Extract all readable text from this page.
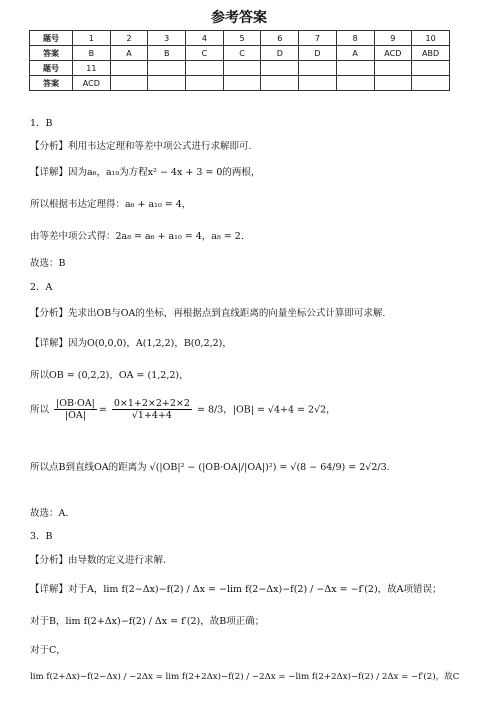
参考答案
题号	1	2	3	4	5	6	7	8	9	10
答案	B	A	B	C	C	D	D	A	ACD	ABD
题号	11									
答案	ACD									
1．B
【分析】利用韦达定理和等差中项公式进行求解即可.
【详解】因为a₆，a₁₀为方程x² − 4x + 3 = 0的两根，
所以根据韦达定理得：a₆ + a₁₀ = 4，
由等差中项公式得：2a₈ = a₆ + a₁₀ = 4，a₈ = 2.
故选：B
2．A
【分析】先求出OB与OA的坐标，再根据点到直线距离的向量坐标公式计算即可求解.
【详解】因为O(0,0,0)，A(1,2,2)，B(0,2,2)，
所以OB = (0,2,2)，OA = (1,2,2)，
所以 $\frac{|OB\cdot OA|}{|OA|} = \frac{0\times 1+2\times 2+2\times 2}{√1+4+4} = 8/3$，|OB| = √4+4 = 2√2，
所以点B到直线OA的距离为 √(|OB|² − (|OB·OA|/|OA|)²) = √(8 − 64/9) = 2√2/3.
故选：A.
3．B
【分析】由导数的定义进行求解.
【详解】对于A，lim f(2−Δx)−f(2) / Δx = −lim f(2−Δx)−f(2) / −Δx = −f′(2)，故A项错误；
对于B，lim f(2+Δx)−f(2) / Δx = f′(2)，故B项正确；
对于C，
lim f(2+Δx)−f(2−Δx) / −2Δx = lim f(2+2Δx)−f(2) / −2Δx = −lim f(2+2Δx)−f(2) / 2Δx = −f′(2)，故C
